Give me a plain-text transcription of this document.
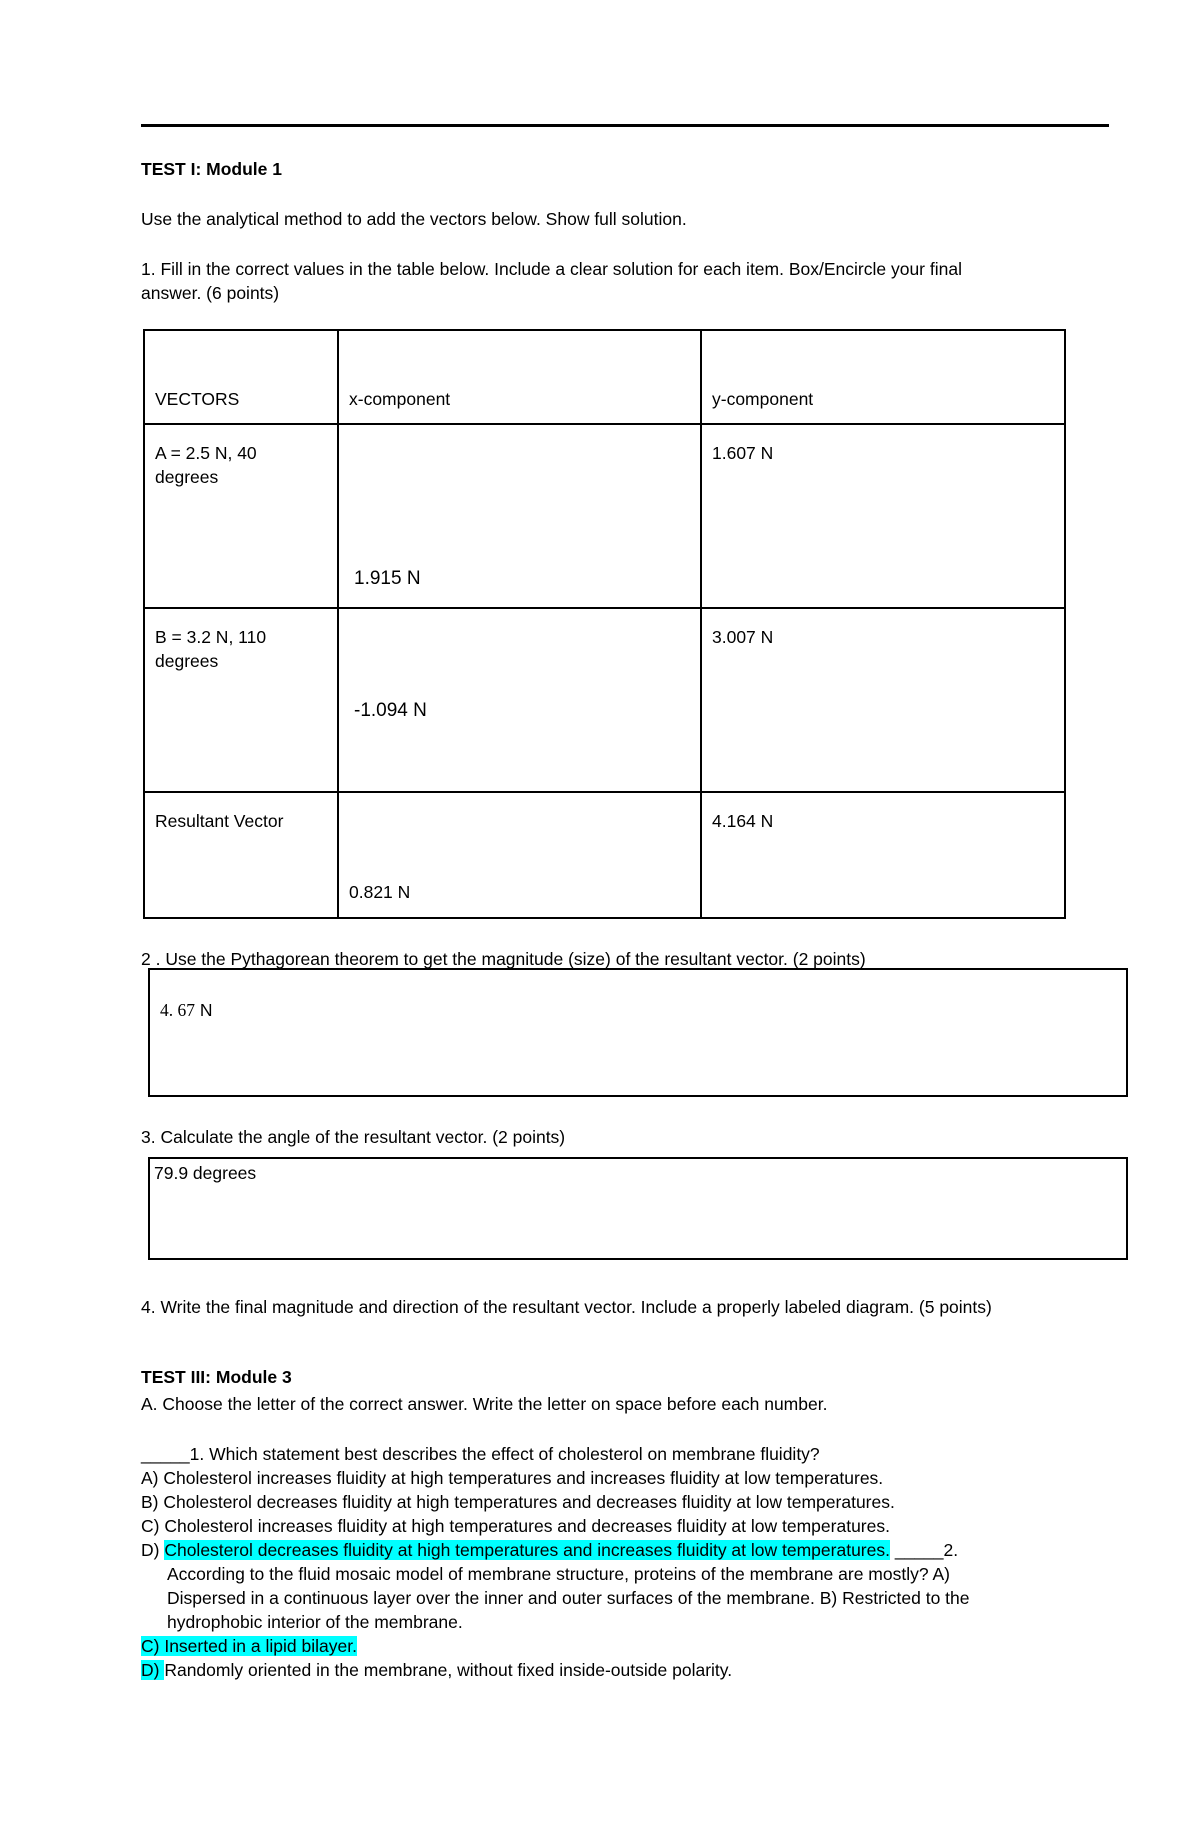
TEST I: Module 1
Use the analytical method to add the vectors below. Show full solution.
1. Fill in the correct values in the table below. Include a clear solution for each item. Box/Encircle your final
answer. (6 points)
VECTORS	x-component	y-component

A = 2.5 N, 40
degrees	1.915 N	1.607 N

B = 3.2 N, 110
degrees	-1.094 N	3.007 N

Resultant Vector	0.821 N	4.164 N
2 . Use the Pythagorean theorem to get the magnitude (size) of the resultant vector. (2 points)
4. 67 N
3. Calculate the angle of the resultant vector. (2 points)
79.9 degrees
4. Write the final magnitude and direction of the resultant vector. Include a properly labeled diagram. (5 points)
TEST III: Module 3
A. Choose the letter of the correct answer. Write the letter on space before each number.
_____1. Which statement best describes the effect of cholesterol on membrane fluidity?
A) Cholesterol increases fluidity at high temperatures and increases fluidity at low temperatures.
B) Cholesterol decreases fluidity at high temperatures and decreases fluidity at low temperatures.
C) Cholesterol increases fluidity at high temperatures and decreases fluidity at low temperatures.
D) Cholesterol decreases fluidity at high temperatures and increases fluidity at low temperatures. _____2.
According to the fluid mosaic model of membrane structure, proteins of the membrane are mostly? A)
Dispersed in a continuous layer over the inner and outer surfaces of the membrane. B) Restricted to the
hydrophobic interior of the membrane.
C) Inserted in a lipid bilayer.
D) Randomly oriented in the membrane, without fixed inside-outside polarity.
